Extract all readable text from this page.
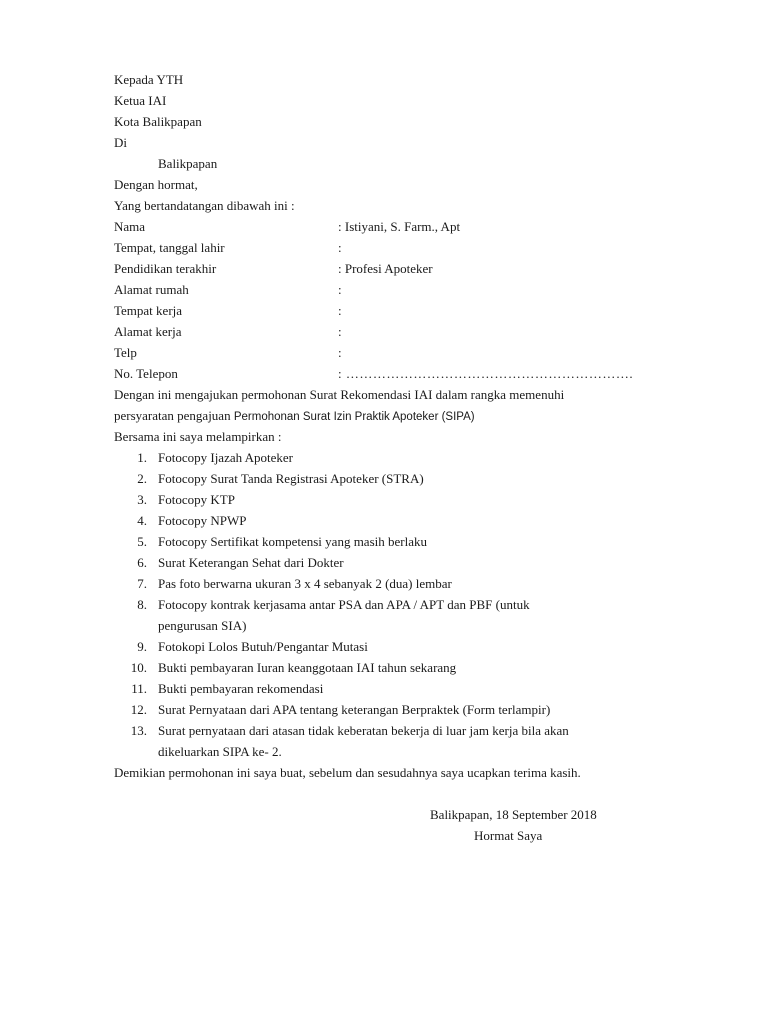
Kepada YTH
Ketua IAI
Kota Balikpapan
Di
Balikpapan
Dengan hormat,
Yang bertandatangan dibawah ini :
Nama	: Istiyani, S. Farm., Apt
Tempat, tanggal lahir	:
Pendidikan terakhir	: Profesi Apoteker
Alamat rumah	:
Tempat kerja	:
Alamat kerja	:
Telp	:
No. Telepon	: ……………………………………………………….
Dengan ini mengajukan permohonan Surat Rekomendasi IAI dalam rangka memenuhi
persyaratan pengajuan Permohonan Surat Izin Praktik Apoteker (SIPA)
Bersama ini saya melampirkan :
1. Fotocopy Ijazah Apoteker
2. Fotocopy Surat Tanda Registrasi Apoteker (STRA)
3. Fotocopy KTP
4. Fotocopy NPWP
5. Fotocopy Sertifikat kompetensi yang masih berlaku
6. Surat Keterangan Sehat dari Dokter
7. Pas foto berwarna ukuran 3 x 4 sebanyak 2 (dua) lembar
8. Fotocopy kontrak kerjasama antar PSA dan APA / APT dan PBF (untuk
pengurusan SIA)
9. Fotokopi Lolos Butuh/Pengantar Mutasi
10. Bukti pembayaran Iuran keanggotaan IAI tahun sekarang
11. Bukti pembayaran rekomendasi
12. Surat Pernyataan dari APA tentang keterangan Berpraktek (Form terlampir)
13. Surat pernyataan dari atasan tidak keberatan bekerja di luar jam kerja bila akan
dikeluarkan SIPA ke- 2.
Demikian permohonan ini saya buat, sebelum dan sesudahnya saya ucapkan terima kasih.
Balikpapan, 18 September 2018
Hormat Saya
